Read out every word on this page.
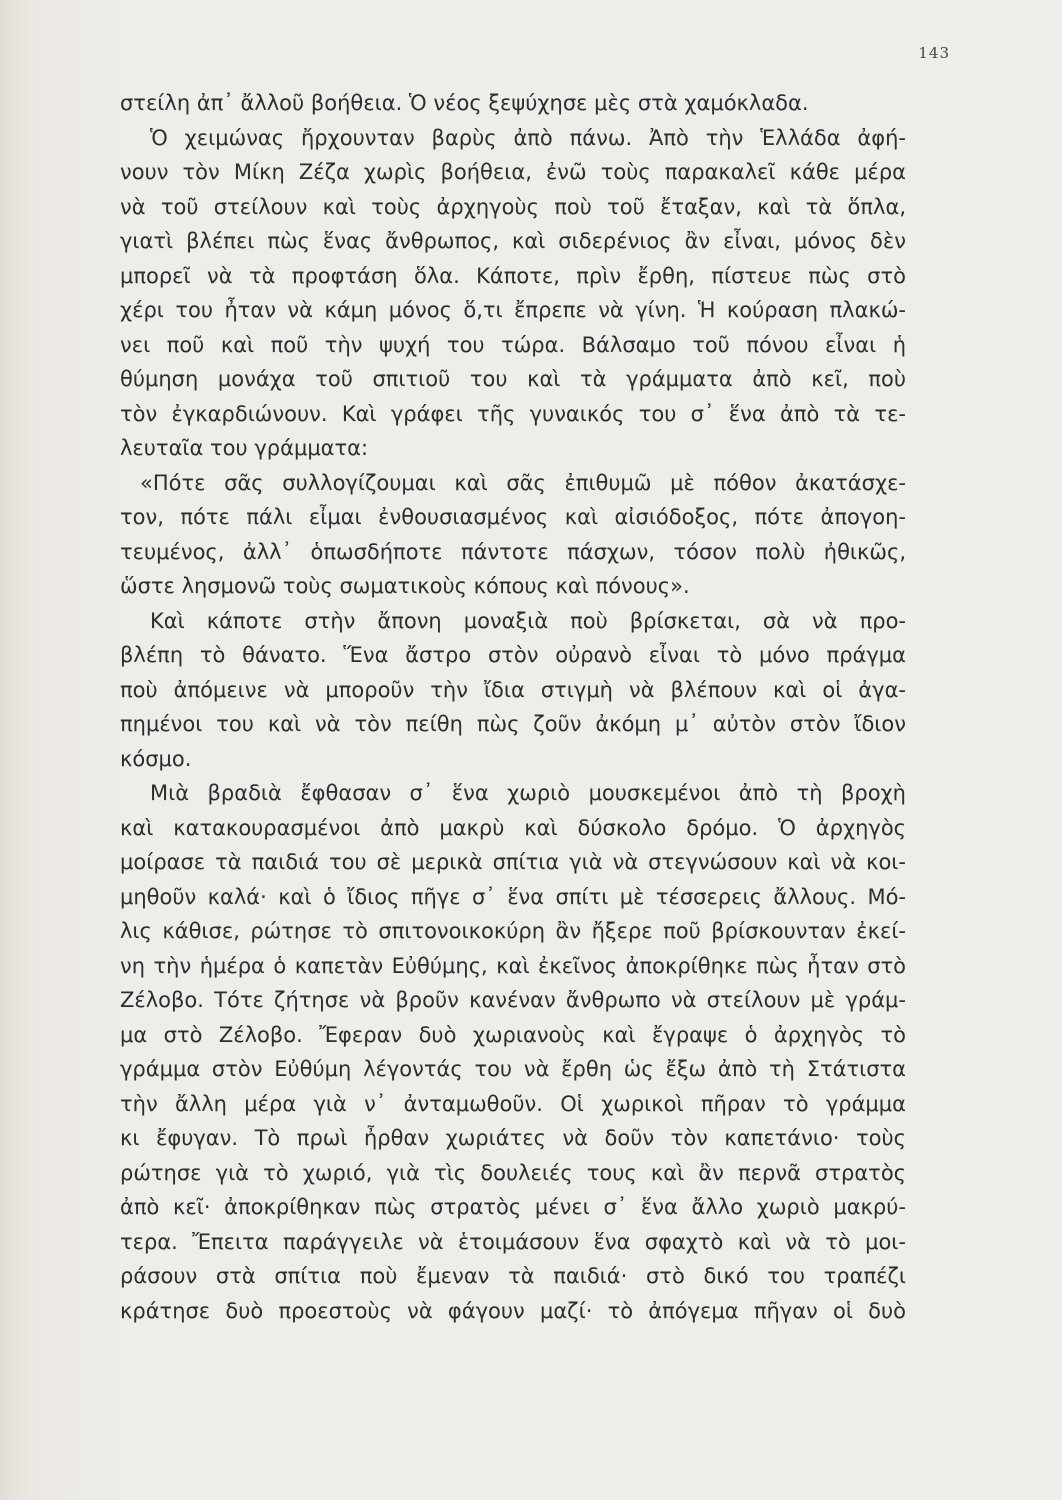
143
στείλη ἀπ᾿ ἄλλοῦ βοήθεια. Ὁ νέος ξεψύχησε μὲς στὰ χαμόκλαδα.
Ὁ χειμώνας ἤρχουνταν βαρὺς ἀπὸ πάνω. Ἀπὸ τὴν Ἑλλάδα ἀφή-
νουν τὸν Μίκη Ζέζα χωρὶς βοήθεια, ἐνῶ τοὺς παρακαλεῖ κάθε μέρα
νὰ τοῦ στείλουν καὶ τοὺς ἀρχηγοὺς ποὺ τοῦ ἔταξαν, καὶ τὰ ὅπλα,
γιατὶ βλέπει πὼς ἕνας ἄνθρωπος, καὶ σιδερένιος ἂν εἶναι, μόνος δὲν
μπορεῖ νὰ τὰ προφτάση ὅλα. Κάποτε, πρὶν ἔρθη, πίστευε πὼς στὸ
χέρι του ἦταν νὰ κάμη μόνος ὅ,τι ἔπρεπε νὰ γίνη. Ἡ κούραση πλακώ-
νει ποῦ καὶ ποῦ τὴν ψυχή του τώρα. Βάλσαμο τοῦ πόνου εἶναι ἡ
θύμηση μονάχα τοῦ σπιτιοῦ του καὶ τὰ γράμματα ἀπὸ κεῖ, ποὺ
τὸν ἐγκαρδιώνουν. Καὶ γράφει τῆς γυναικός του σ᾿ ἕνα ἀπὸ τὰ τε-
λευταῖα του γράμματα:
«Πότε σᾶς συλλογίζουμαι καὶ σᾶς ἐπιθυμῶ μὲ πόθον ἀκατάσχε-
τον, πότε πάλι εἶμαι ἐνθουσιασμένος καὶ αἰσιόδοξος, πότε ἀπογοη-
τευμένος, ἀλλ᾿ ὁπωσδήποτε πάντοτε πάσχων, τόσον πολὺ ἠθικῶς,
ὥστε λησμονῶ τοὺς σωματικοὺς κόπους καὶ πόνους».
Καὶ κάποτε στὴν ἄπονη μοναξιὰ ποὺ βρίσκεται, σὰ νὰ προ-
βλέπη τὸ θάνατο. Ἕνα ἄστρο στὸν οὐρανὸ εἶναι τὸ μόνο πράγμα
ποὺ ἀπόμεινε νὰ μποροῦν τὴν ἴδια στιγμὴ νὰ βλέπουν καὶ οἱ ἀγα-
πημένοι του καὶ νὰ τὸν πείθη πὼς ζοῦν ἀκόμη μ᾿ αὐτὸν στὸν ἴδιον
κόσμο.
Μιὰ βραδιὰ ἔφθασαν σ᾿ ἕνα χωριὸ μουσκεμένοι ἀπὸ τὴ βροχὴ
καὶ κατακουρασμένοι ἀπὸ μακρὺ καὶ δύσκολο δρόμο. Ὁ ἀρχηγὸς
μοίρασε τὰ παιδιά του σὲ μερικὰ σπίτια γιὰ νὰ στεγνώσουν καὶ νὰ κοι-
μηθοῦν καλά· καὶ ὁ ἴδιος πῆγε σ᾿ ἕνα σπίτι μὲ τέσσερεις ἄλλους. Μό-
λις κάθισε, ρώτησε τὸ σπιτονοικοκύρη ἂν ἤξερε ποῦ βρίσκουνταν ἐκεί-
νη τὴν ἡμέρα ὁ καπετὰν Εὐθύμης, καὶ ἐκεῖνος ἀποκρίθηκε πὼς ἦταν στὸ
Ζέλοβο. Τότε ζήτησε νὰ βροῦν κανέναν ἄνθρωπο νὰ στείλουν μὲ γράμ-
μα στὸ Ζέλοβο. Ἔφεραν δυὸ χωριανοὺς καὶ ἔγραψε ὁ ἀρχηγὸς τὸ
γράμμα στὸν Εὐθύμη λέγοντάς του νὰ ἔρθη ὡς ἔξω ἀπὸ τὴ Στάτιστα
τὴν ἄλλη μέρα γιὰ ν᾿ ἀνταμωθοῦν. Οἱ χωρικοὶ πῆραν τὸ γράμμα
κι ἔφυγαν. Τὸ πρωὶ ἦρθαν χωριάτες νὰ δοῦν τὸν καπετάνιο· τοὺς
ρώτησε γιὰ τὸ χωριό, γιὰ τὶς δουλειές τους καὶ ἂν περνᾶ στρατὸς
ἀπὸ κεῖ· ἀποκρίθηκαν πὼς στρατὸς μένει σ᾿ ἕνα ἄλλο χωριὸ μακρύ-
τερα. Ἔπειτα παράγγειλε νὰ ἑτοιμάσουν ἕνα σφαχτὸ καὶ νὰ τὸ μοι-
ράσουν στὰ σπίτια ποὺ ἔμεναν τὰ παιδιά· στὸ δικό του τραπέζι
κράτησε δυὸ προεστοὺς νὰ φάγουν μαζί· τὸ ἀπόγεμα πῆγαν οἱ δυὸ
